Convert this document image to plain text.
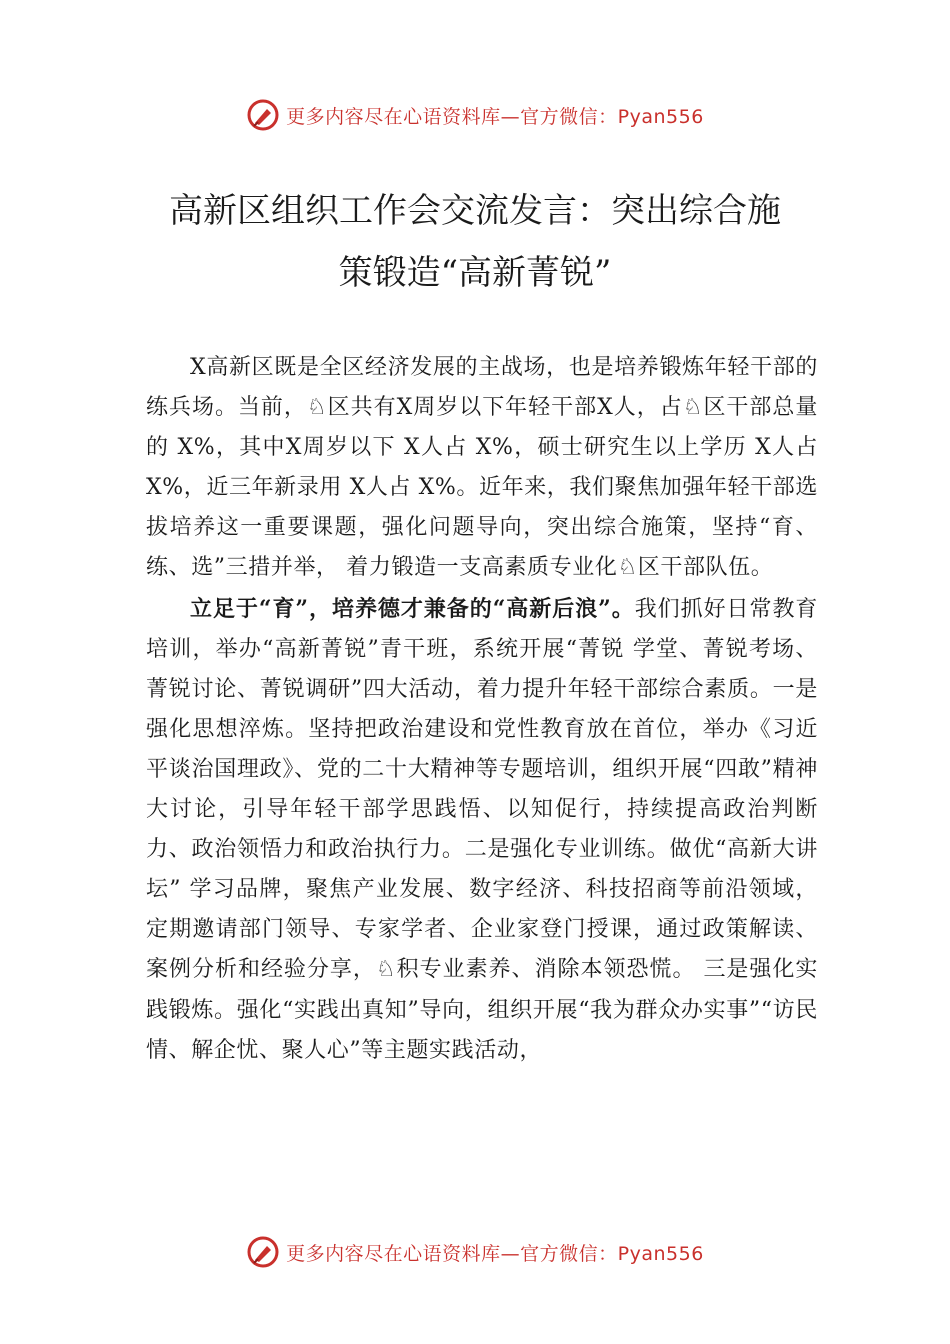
更多内容尽在心语资料库—官方微信：Pyan556
高新区组织工作会交流发言：突出综合施
策锻造“高新菁锐”

X高新区既是全区经济发展的主战场，也是培养锻炼年轻干部的练兵场。当前，♘区共有X周岁以下年轻干部X人，占♘区干部总量的 X%，其中X周岁以下 X人占 X%，硕士研究生以上学历 X人占 X%，近三年新录用 X人占 X%。近年来，我们聚焦加强年轻干部选拔培养这一重要课题，强化问题导向，突出综合施策，坚持“育、练、选”三措并举， 着力锻造一支高素质专业化♘区干部队伍。

立足于“育”，培养德才兼备的“高新后浪”。我们抓好日常教育培训，举办“高新菁锐”青干班，系统开展“菁锐 学堂、菁锐考场、菁锐讨论、菁锐调研”四大活动，着力提升年轻干部综合素质。一是强化思想淬炼。坚持把政治建设和党性教育放在首位，举办《习近平谈治国理政》、党的二十大精神等专题培训，组织开展“四敢”精神大讨论，引导年轻干部学思践悟、以知促行，持续提高政治判断力、政治领悟力和政治执行力。二是强化专业训练。做优“高新大讲坛” 学习品牌，聚焦产业发展、数字经济、科技招商等前沿领域， 定期邀请部门领导、专家学者、企业家登门授课，通过政策解读、案例分析和经验分享，♘积专业素养、消除本领恐慌。 三是强化实践锻炼。强化“实践出真知”导向，组织开展“我为群众办实事”“访民情、解企忧、聚人心”等主题实践活动，

更多内容尽在心语资料库—官方微信：Pyan556
